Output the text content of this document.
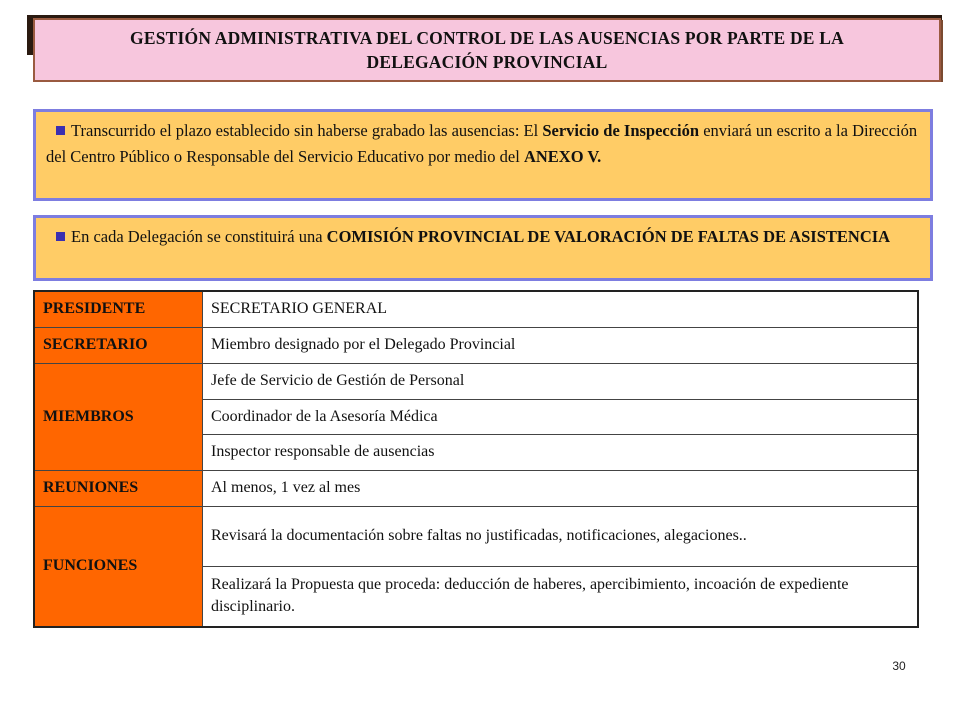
GESTIÓN ADMINISTRATIVA DEL CONTROL DE LAS AUSENCIAS POR PARTE DE LA
DELEGACIÓN PROVINCIAL
Transcurrido el plazo establecido sin haberse grabado las ausencias: El Servicio de Inspección enviará un escrito a la Dirección del Centro Público o Responsable del Servicio Educativo por medio del ANEXO V.
En cada Delegación se constituirá una COMISIÓN PROVINCIAL DE VALORACIÓN DE FALTAS DE ASISTENCIA
PRESIDENTE	SECRETARIO GENERAL
SECRETARIO	Miembro designado por el Delegado Provincial
MIEMBROS	Jefe de Servicio de Gestión de Personal
	Coordinador de la Asesoría Médica
	Inspector responsable de ausencias
REUNIONES	Al menos, 1 vez al mes
FUNCIONES	Revisará la documentación sobre faltas no justificadas, notificaciones, alegaciones..
	Realizará la Propuesta que proceda: deducción de haberes, apercibimiento, incoación de expediente disciplinario.
30
